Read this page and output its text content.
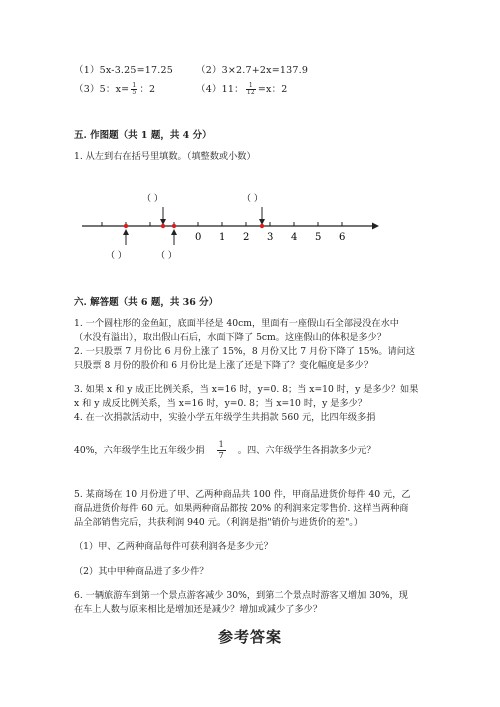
（1）5x-3.25=17.25 （2）3×2.7+2x=137.9
（3）5：$x= \frac{1}{5}$ ：2	（4）11： $\frac{1}{12} =x$：2
五. 作图题（共 1 题，共 4 分）
1. 从左到右在括号里填数。（填整数或小数）
（ ）	（ ）
0 1 2 3 4 5 6
（ ）	（ ）
六. 解答题（共 6 题，共 36 分）
1. 一个圆柱形的金鱼缸，底面半径是 40cm，里面有一座假山石全部浸没在水中
（水没有溢出），取出假山石后，水面下降了 5cm。这座假山的体积是多少？
2. 一只股票 7 月份比 6 月份上涨了 15%，8 月份又比 7 月份下降了 15%。请问这
只股票 8 月份的股价和 6 月份比是上涨了还是下降了？变化幅度是多少？
3. 如果 x 和 y 成正比例关系，当 x=16 时，y=0. 8；当 x=10 时，y 是多少？如果
x 和 y 成反比例关系，当 x=16 时，y=0. 8；当 x=10 时，y 是多少？
4. 在一次捐款活动中，实验小学五年级学生共捐款 560 元，比四年级多捐
40%，六年级学生比五年级少捐 $\frac{1}{7}$ 。四、六年级学生各捐款多少元？
5. 某商场在 10 月份进了甲、乙两种商品共 100 件，甲商品进货价每件 40 元，乙
商品进货价每件 60 元。如果两种商品都按 20% 的利润来定零售价. 这样当两种商
品全部销售完后，共获利润 940 元。（利润是指"销价与进货价的差"。）
（1）甲、乙两种商品每件可获利润各是多少元？
（2）其中甲种商品进了多少件？
6. 一辆旅游车到第一个景点游客减少 30%，到第二个景点时游客又增加 30%，现
在车上人数与原来相比是增加还是减少？增加或减少了多少？
参考答案
